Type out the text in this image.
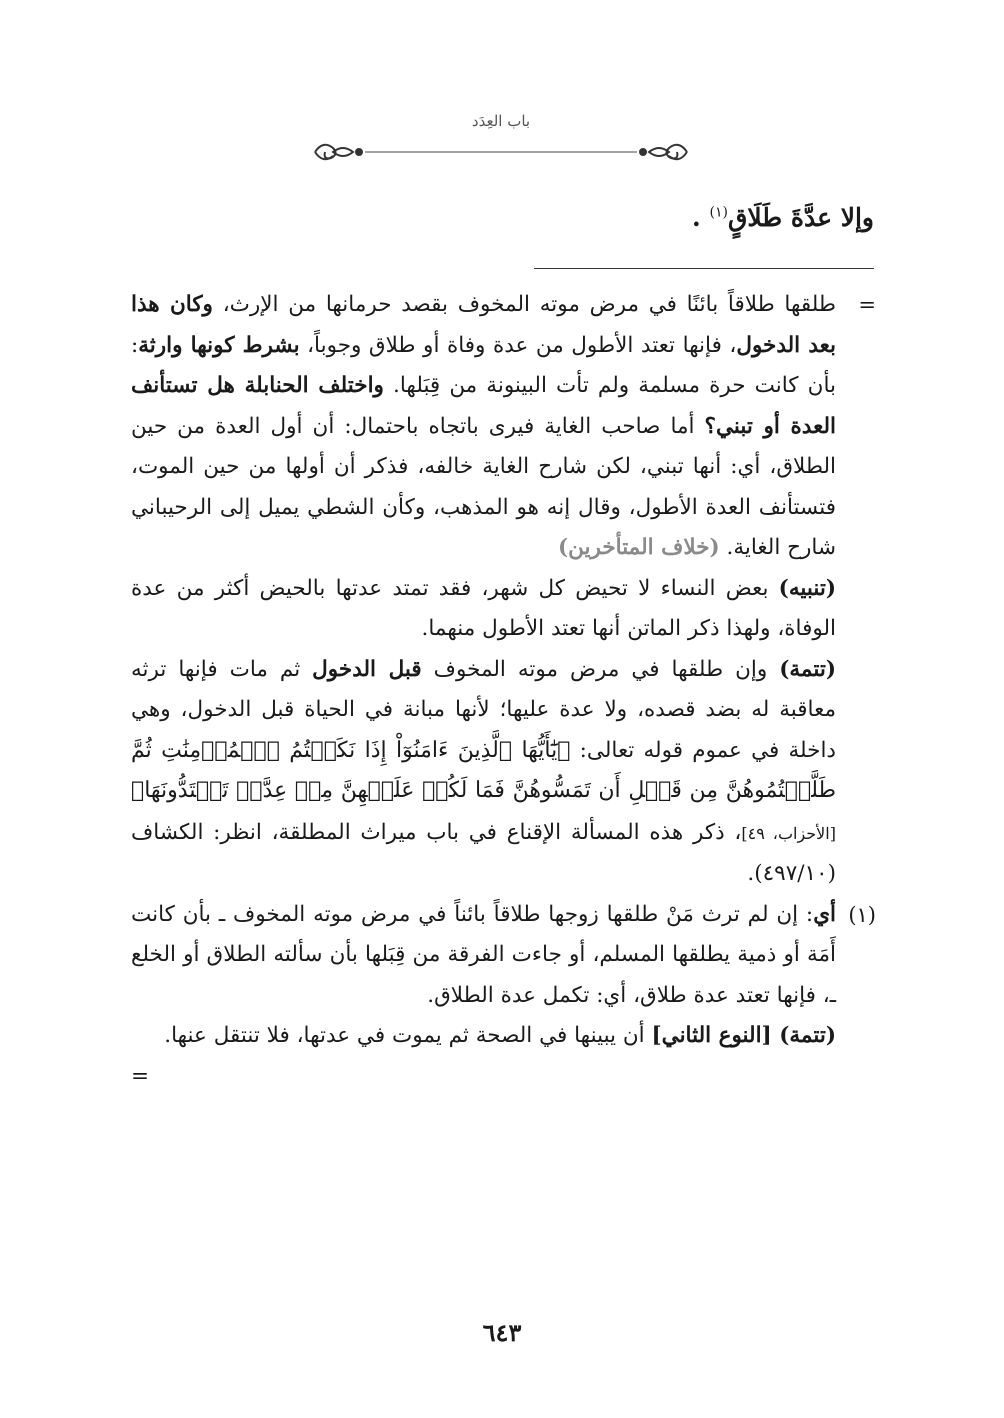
باب العِدَد
وإلا عدَّةَ طَلَاقٍ$^{(١)}$ .
=
طلقها طلاقاً بائنًا في مرض موته المخوف بقصد حرمانها من الإرث، وكان هذا بعد الدخول، فإنها تعتد الأطول من عدة وفاة أو طلاق وجوباً، بشرط كونها وارثة: بأن كانت حرة مسلمة ولم تأت البينونة من قِبَلها. واختلف الحنابلة هل تستأنف العدة أو تبني؟ أما صاحب الغاية فيرى باتجاه باحتمال: أن أول العدة من حين الطلاق، أي: أنها تبني، لكن شارح الغاية خالفه، فذكر أن أولها من حين الموت، فتستأنف العدة الأطول، وقال إنه هو المذهب، وكأن الشطي يميل إلى الرحيباني شارح الغاية. (خلاف المتأخرين)
(تنبيه) بعض النساء لا تحيض كل شهر، فقد تمتد عدتها بالحيض أكثر من عدة الوفاة، ولهذا ذكر الماتن أنها تعتد الأطول منهما.
(تتمة) وإن طلقها في مرض موته المخوف قبل الدخول ثم مات فإنها ترثه معاقبة له بضد قصده، ولا عدة عليها؛ لأنها مبانة في الحياة قبل الدخول، وهي داخلة في عموم قوله تعالى: ﴿يَٰٓأَيُّهَا ٱلَّذِينَ ءَامَنُوٓاْ إِذَا نَكَحۡتُمُ ٱلۡمُؤۡمِنَٰتِ ثُمَّ طَلَّقۡتُمُوهُنَّ مِن قَبۡلِ أَن تَمَسُّوهُنَّ فَمَا لَكُمۡ عَلَيۡهِنَّ مِنۡ عِدَّةٖ تَعۡتَدُّونَهَا﴾ [الأحزاب، ٤٩]، ذكر هذه المسألة الإقناع في باب ميراث المطلقة، انظر: الكشاف (٤٩٧/١٠).
(١)
أي: إن لم ترث مَنْ طلقها زوجها طلاقاً بائناً في مرض موته المخوف ـ بأن كانت أَمَة أو ذمية يطلقها المسلم، أو جاءت الفرقة من قِبَلها بأن سألته الطلاق أو الخلع ـ، فإنها تعتد عدة طلاق، أي: تكمل عدة الطلاق.
(تتمة) [النوع الثاني] أن يبينها في الصحة ثم يموت في عدتها، فلا تنتقل عنها.
=
٦٤٣
